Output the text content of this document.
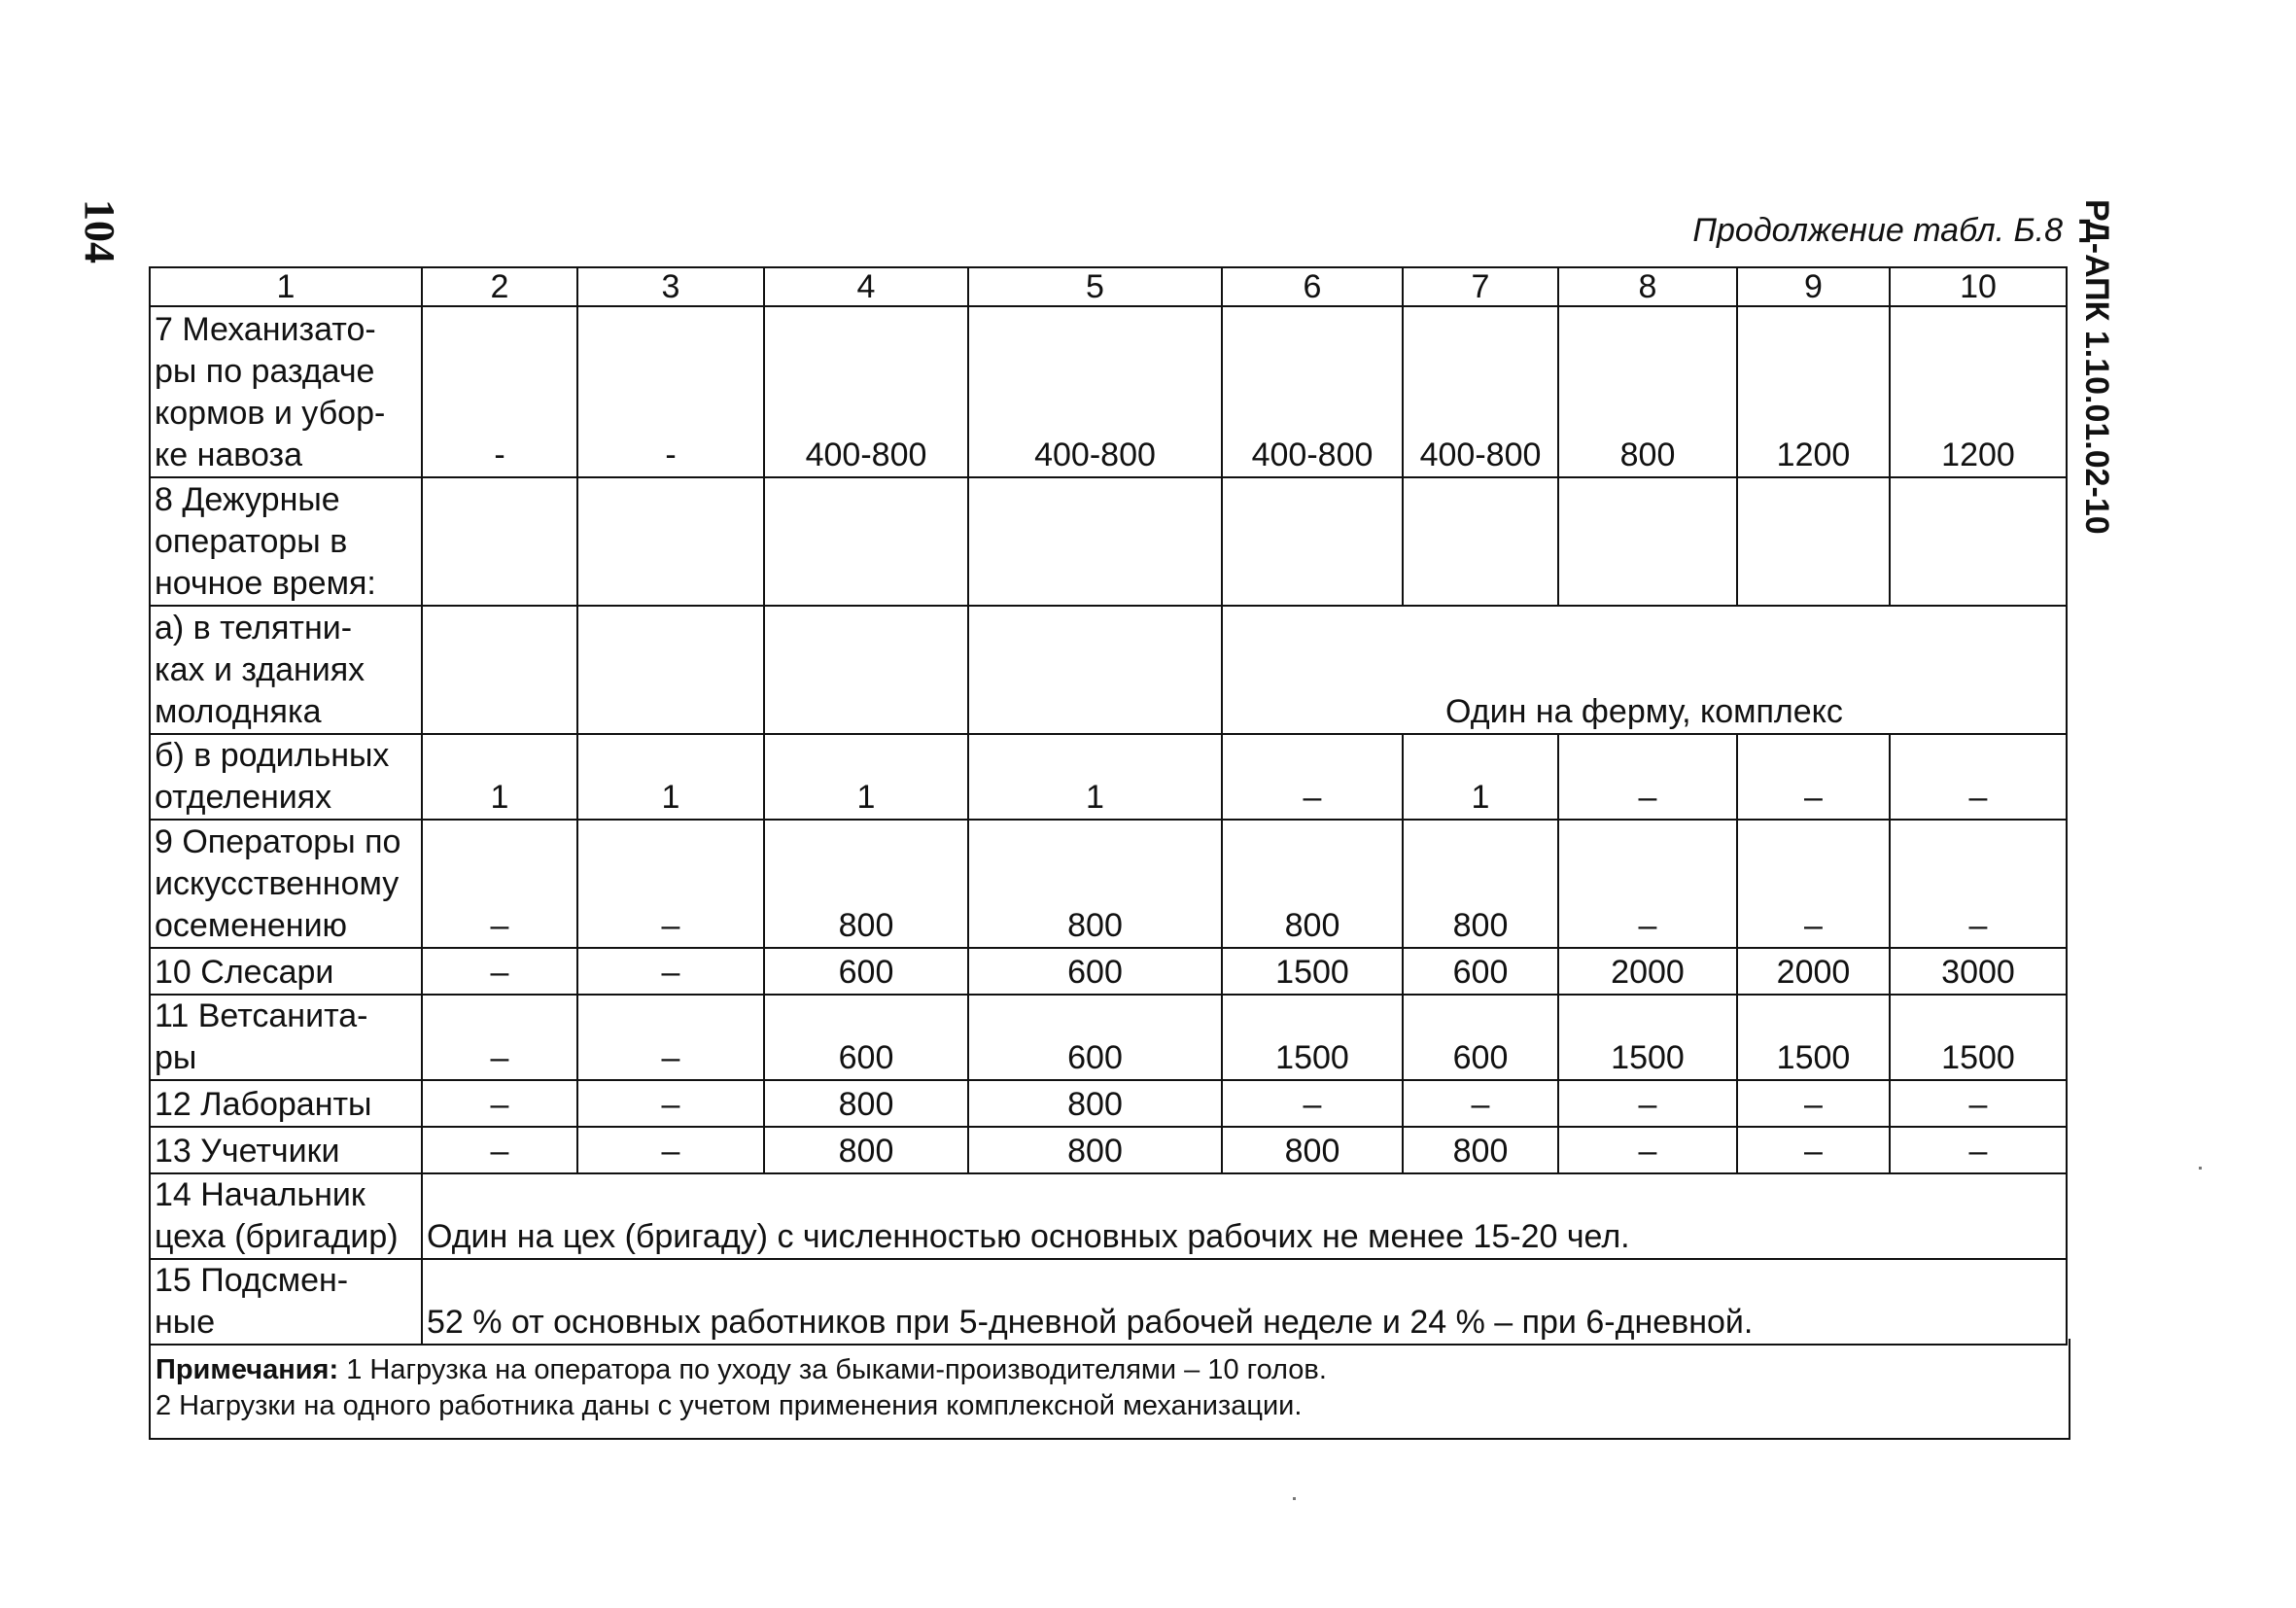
104	РД-АПК 1.10.01.02-10
Продолжение табл. Б.8
1	2	3	4	5	6	7	8	9	10
7 Механизато-
ры по раздаче
кормов и убор-
ке навоза	-	-	400-800	400-800	400-800	400-800	800	1200	1200
8 Дежурные
операторы в
ночное время:									
а) в телятни-
ках и зданиях
молодняка					Один на ферму, комплекс				
б) в родильных
отделениях	1	1	1	1	–	1	–	–	–
9 Операторы по
искусственному
осеменению	–	–	800	800	800	800	–	–	–
10 Слесари	–	–	600	600	1500	600	2000	2000	3000
11 Ветсанита-
ры	–	–	600	600	1500	600	1500	1500	1500
12 Лаборанты	–	–	800	800	–	–	–	–	–
13 Учетчики	–	–	800	800	800	800	–	–	–
14 Начальник
цеха (бригадир)	Один на цех (бригаду) с численностью основных рабочих не менее 15-20 чел.								
15 Подсмен-
ные	52 % от основных работников при 5-дневной рабочей неделе и 24 % – при 6-дневной.								
Примечания: 1 Нагрузка на оператора по уходу за быками-производителями – 10 голов.
2 Нагрузки на одного работника даны с учетом применения комплексной механизации.
